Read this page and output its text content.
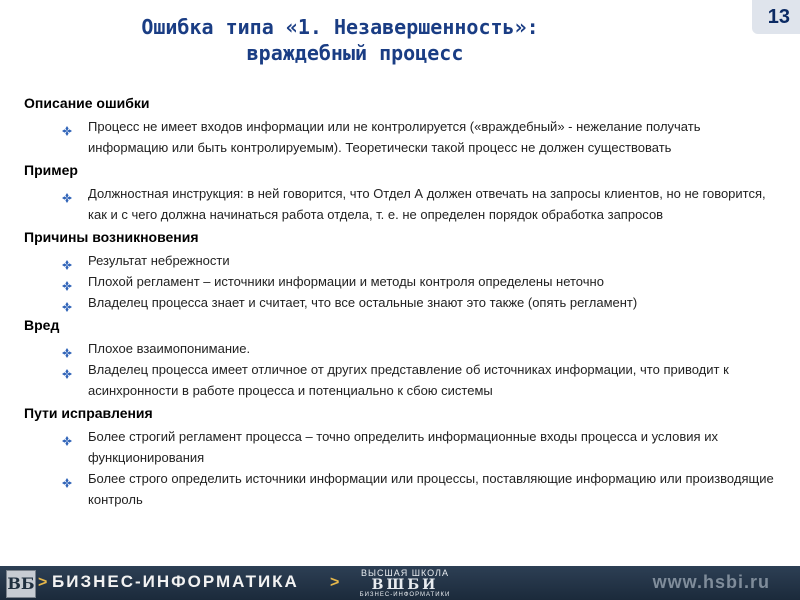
13
Ошибка типа «1. Незавершенность»:
враждебный процесс
Описание ошибки
Процесс не имеет входов информации или не контролируется («враждебный» - нежелание получать информацию или быть контролируемым). Теоретически такой процесс не должен существовать
Пример
Должностная инструкция: в ней говорится, что Отдел А должен отвечать на запросы клиентов, но не говорится, как и с чего должна начинаться работа отдела, т. е. не определен порядок обработка запросов
Причины возникновения
Результат небрежности
Плохой регламент – источники информации и методы контроля определены неточно
Владелец процесса знает и считает, что все остальные знают это также (опять регламент)
Вред
Плохое взаимопонимание.
Владелец процесса имеет отличное от других представление об источниках информации, что приводит к асинхронности в работе процесса и потенциально к сбою системы
Пути исправления
Более строгий регламент процесса – точно определить информационные входы процесса и условия их функционирования
Более строго определить источники информации или процессы, поставляющие информацию или производящие контроль
ВБ > БИЗНЕС-ИНФОРМАТИКА >
ВЫСШАЯ ШКОЛА
ВШБИ
БИЗНЕС-ИНФОРМАТИКИ
www.hsbi.ru
